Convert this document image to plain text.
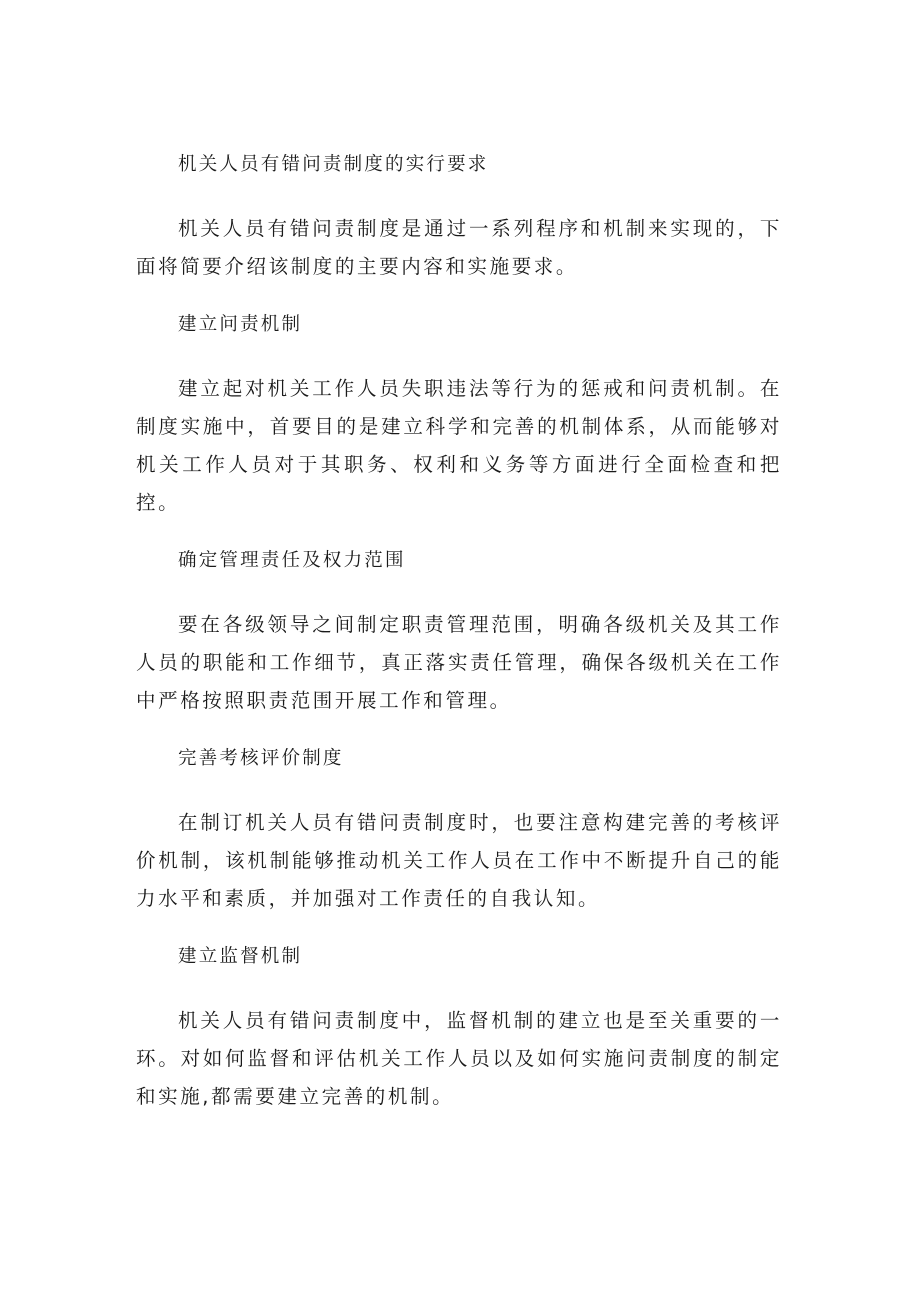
机关人员有错问责制度的实行要求

机关人员有错问责制度是通过一系列程序和机制来实现的，下面将简要介绍该制度的主要内容和实施要求。

建立问责机制

建立起对机关工作人员失职违法等行为的惩戒和问责机制。在制度实施中，首要目的是建立科学和完善的机制体系，从而能够对机关工作人员对于其职务、权利和义务等方面进行全面检查和把控。

确定管理责任及权力范围

要在各级领导之间制定职责管理范围，明确各级机关及其工作人员的职能和工作细节，真正落实责任管理，确保各级机关在工作中严格按照职责范围开展工作和管理。

完善考核评价制度

在制订机关人员有错问责制度时，也要注意构建完善的考核评价机制，该机制能够推动机关工作人员在工作中不断提升自己的能力水平和素质，并加强对工作责任的自我认知。

建立监督机制

机关人员有错问责制度中，监督机制的建立也是至关重要的一环。对如何监督和评估机关工作人员以及如何实施问责制度的制定和实施,都需要建立完善的机制。
